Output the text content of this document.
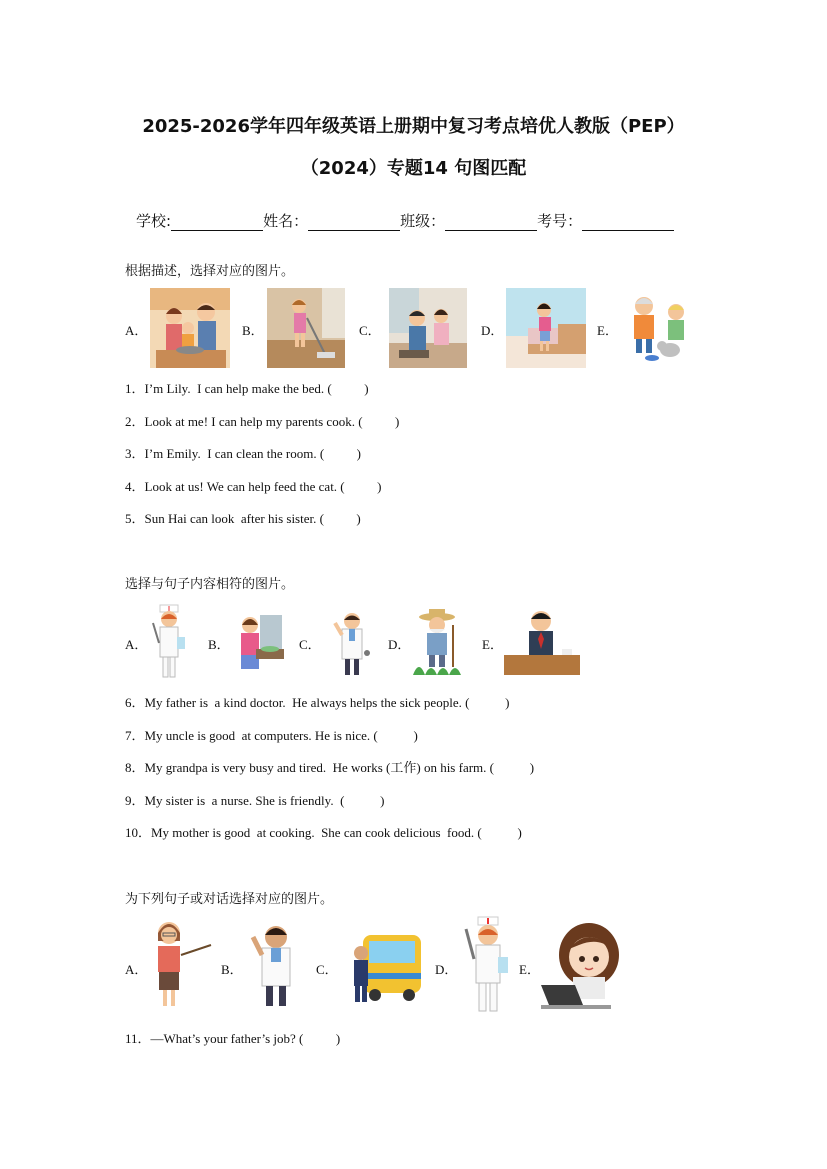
2025-2026学年四年级英语上册期中复习考点培优人教版（PEP）
（2024）专题14 句图匹配
学校:	姓名：	班级：	考号：
根据描述，选择对应的图片。
A．	B．	C．	D．	E．
1．I’m Lily.  I can help make the bed. (          )
2．Look at me! I can help my parents cook. (          )
3．I’m Emily.  I can clean the room. (          )
4．Look at us! We can help feed the cat. (          )
5．Sun Hai can look  after his sister. (          )
选择与句子内容相符的图片。
A．	B．	C．	D．	E．
6．My father is  a kind doctor.  He always helps the sick people. (           )
7．My uncle is good  at computers. He is nice. (           )
8．My grandpa is very busy and tired.  He works (工作) on his farm. (           )
9．My sister is  a nurse. She is friendly.  (           )
10．My mother is good  at cooking.  She can cook delicious  food. (           )
为下列句子或对话选择对应的图片。
A．	B．	C．	D．	E．
11．—What’s your father’s job? (          )
